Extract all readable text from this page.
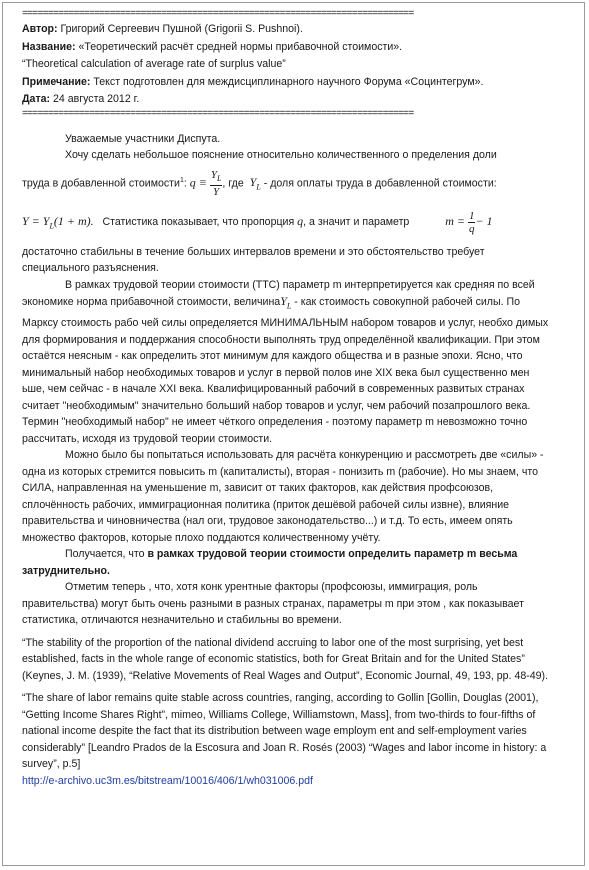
============================================================================

Автор: Григорий Сергеевич Пушной (Grigorii S. Pushnoi).

Название: «Теоретический расчёт средней нормы прибавочной стоимости».

“Theoretical calculation of average rate of surplus value”

Примечание: Текст подготовлен для междисциплинарного научного Форума «Социнтегрум».

Дата: 24 августа 2012 г.

============================================================================

Уважаемые участники Диспута.

Хочу сделать небольшое пояснение относительно количественного о пределения доли

труда в добавленной стоимости$^1$: $q \equiv \frac{Y_L}{Y}$ , где $Y_L$ - доля оплаты труда в добавленной стоимости:

$Y = Y_L(1 + m)$. Статистика показывает, что пропорция q, а значит и параметр	$m = \frac{1}{q} - 1$

достаточно стабильны в течение больших интервалов времени и это обстоятельство требует специального разъяснения.

В рамках трудовой теории стоимости (ТТС) параметр m интерпретируется как средняя по всей экономике норма прибавочной стоимости, величинаY$_L$ - как стоимость совокупной рабочей силы. По Марксу стоимость рабо чей силы определяется МИНИМАЛЬНЫМ набором товаров и услуг, необхо димых для формирования и поддержания способности выполнять труд определённой квалификации. При этом остаётся неясным - как определить этот минимум для каждого общества и в разные эпохи. Ясно, что минимальный набор необходимых товаров и услуг в первой полов ине XIX века был существенно мен ьше, чем сейчас - в начале XXI века. Квалифицированный рабочий в современных развитых странах считает "необходимым" значительно больший набор товаров и услуг, чем рабочий позапрошлого века. Термин "необходимый набор" не имеет чёткого определения - поэтому параметр m невозможно точно рассчитать, исходя из трудовой теории стоимости.

Можно было бы попытаться использовать для расчёта конкуренцию и рассмотреть две «силы» - одна из которых стремится повысить m (капиталисты), вторая - понизить m (рабочие). Но мы знаем, что СИЛА, направленная на уменьшение m, зависит от таких факторов, как действия профсоюзов, сплочённость рабочих, иммиграционная политика (приток дешёвой рабочей силы извне), влияние правительства и чиновничества (нал оги, трудовое законодательство...) и т.д. То есть, имеем опять множество факторов, которые плохо поддаются количественному учёту.

Получается, что в рамках трудовой теории стоимости определить параметр m весьма затруднительно.

Отметим теперь , что, хотя конк урентные факторы (профсоюзы, иммиграция, роль правительства) могут быть очень разными в разных странах, параметры m при этом , как показывает статистика, отличаются незначительно и стабильны во времени.

“The stability of the proportion of the national dividend accruing to labor one of the most surprising, yet best established, facts in the whole range of economic statistics, both for Great Britain and for the United States” (Keynes, J. M. (1939), “Relative Movements of Real Wages and Output”, Economic Journal, 49, 193, pp. 48-49).

“The share of labor remains quite stable across countries, ranging, according to Gollin [Gollin, Douglas (2001), “Getting Income Shares Right”, mimeo, Williams College, Williamstown, Mass], from two-thirds to four-fifths of national income despite the fact that its distribution between wage employm ent and self-employment varies considerably” [Leandro Prados de la Escosura and Joan R. Rosés (2003) “Wages and labor income in history: a survey”, p.5]

http://e-archivo.uc3m.es/bitstream/10016/406/1/wh031006.pdf
